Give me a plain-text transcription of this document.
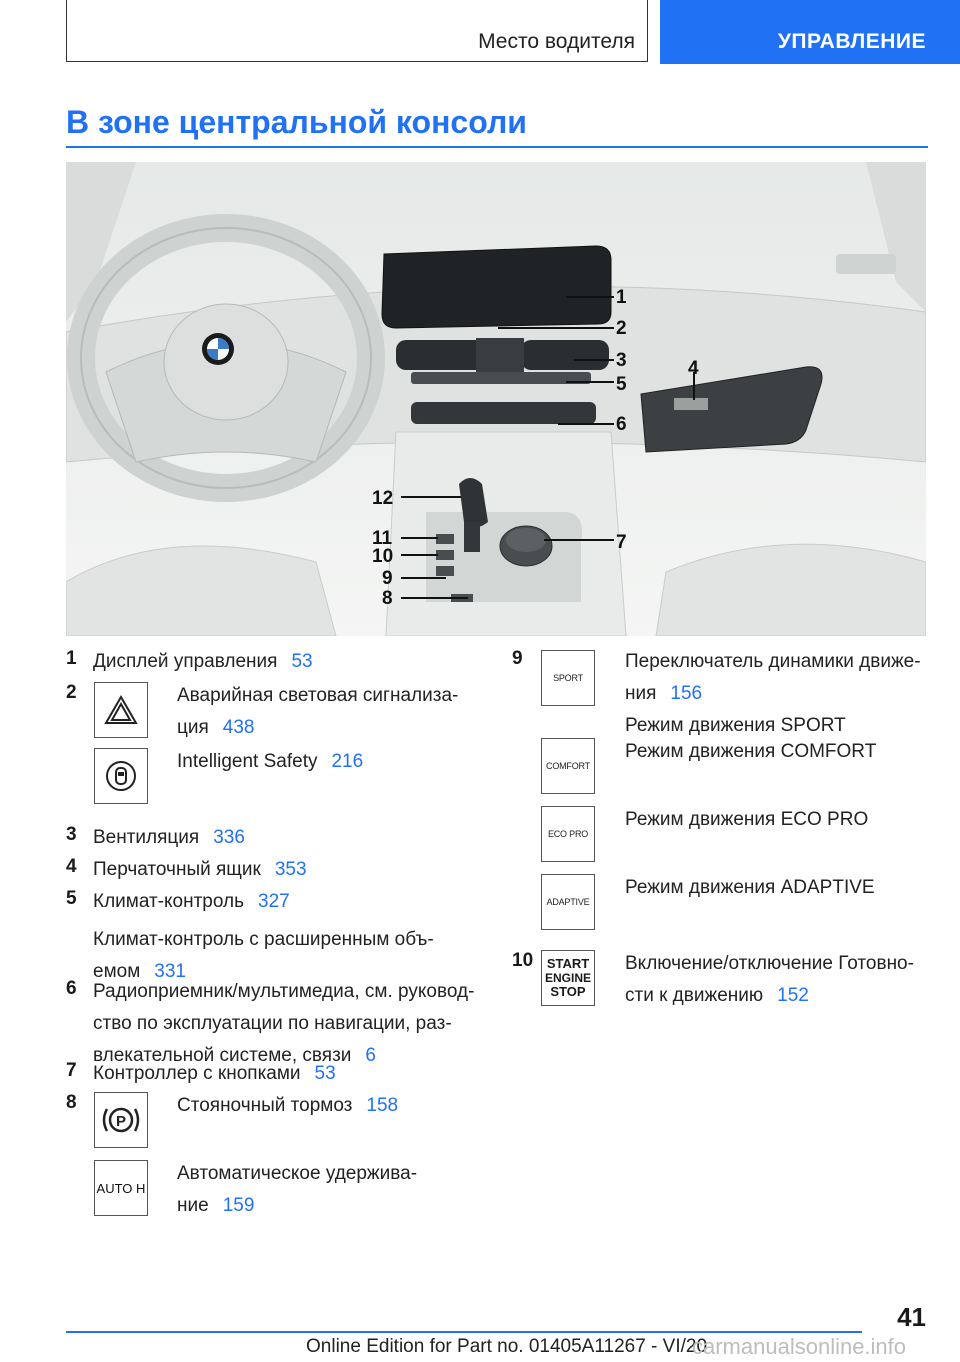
Место водителя	УПРАВЛЕНИЕ
В зоне центральной консоли
1
2
3
5
4
6
7
12
11
10
9
8
1 Дисплей управления 53
2	Аварийная световая сигнализа-
ция 438
Intelligent Safety 216
3 Вентиляция 336
4 Перчаточный ящик 353
5 Климат-контроль 327
Климат-контроль с расширенным объ-
емом 331
6 Радиоприемник/мультимедиа, см. руковод-
ство по эксплуатации по навигации, раз-
влекательной системе, связи 6
7 Контроллер с кнопками 53
8
P
Стояночный тормоз 158
AUTO H
Автоматическое удержива-
ние 159
9
SPORT
Переключатель динамики движе-
ния 156
Режим движения SPORT
COMFORT
Режим движения COMFORT
ECO PRO
Режим движения ECO PRO
ADAPTIVE
Режим движения ADAPTIVE
10 START
ENGINE
STOP
Включение/отключение Готовно-
сти к движению 152
41
Online Edition for Part no. 01405A11267 - VI/20
carmanualsonline.info
